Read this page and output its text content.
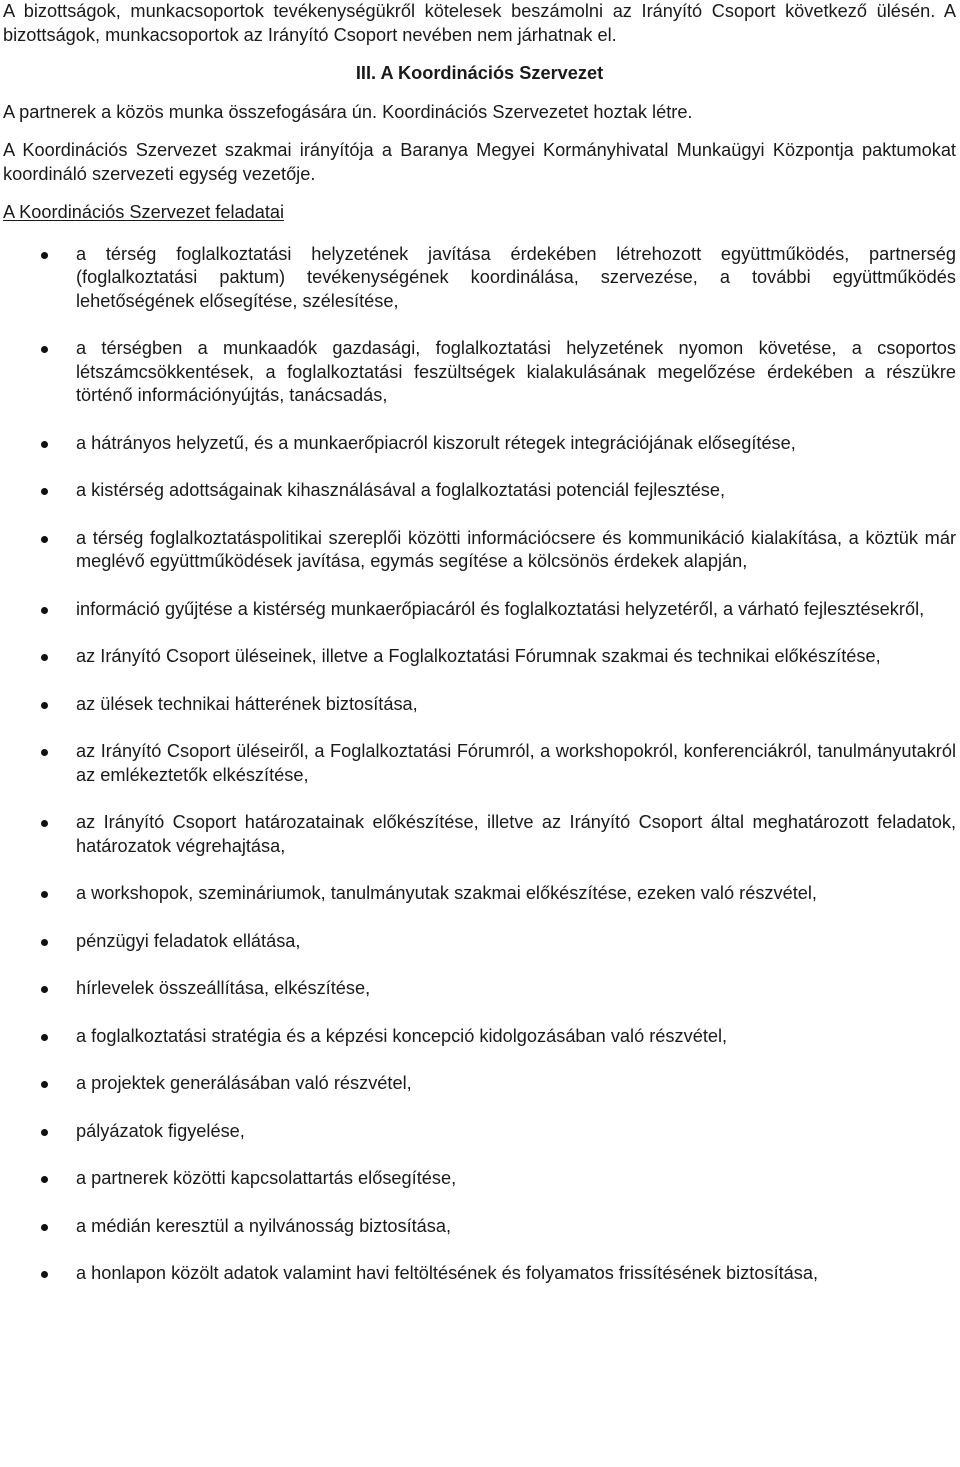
A bizottságok, munkacsoportok tevékenységükről kötelesek beszámolni az Irányító Csoport következő ülésén. A bizottságok, munkacsoportok az Irányító Csoport nevében nem járhatnak el.

III. A Koordinációs Szervezet

A partnerek a közös munka összefogására ún. Koordinációs Szervezetet hoztak létre.

A Koordinációs Szervezet szakmai irányítója a Baranya Megyei Kormányhivatal Munkaügyi Központja paktumokat koordináló szervezeti egység vezetője.

A Koordinációs Szervezet feladatai

a térség foglalkoztatási helyzetének javítása érdekében létrehozott együttműködés, partnerség (foglalkoztatási paktum) tevékenységének koordinálása, szervezése, a további együttműködés lehetőségének elősegítése, szélesítése,
a térségben a munkaadók gazdasági, foglalkoztatási helyzetének nyomon követése, a csoportos létszámcsökkentések, a foglalkoztatási feszültségek kialakulásának megelőzése érdekében a részükre történő információnyújtás, tanácsadás,
a hátrányos helyzetű, és a munkaerőpiacról kiszorult rétegek integrációjának elősegítése,
a kistérség adottságainak kihasználásával a foglalkoztatási potenciál fejlesztése,
a térség foglalkoztatáspolitikai szereplői közötti információcsere és kommunikáció kialakítása, a köztük már meglévő együttműködések javítása, egymás segítése a kölcsönös érdekek alapján,
információ gyűjtése a kistérség munkaerőpiacáról és foglalkoztatási helyzetéről, a várható fejlesztésekről,
az Irányító Csoport üléseinek, illetve a Foglalkoztatási Fórumnak szakmai és technikai előkészítése,
az ülések technikai hátterének biztosítása,
az Irányító Csoport üléseiről, a Foglalkoztatási Fórumról, a workshopokról, konferenciákról, tanulmányutakról az emlékeztetők elkészítése,
az Irányító Csoport határozatainak előkészítése, illetve az Irányító Csoport által meghatározott feladatok, határozatok végrehajtása,
a workshopok, szemináriumok, tanulmányutak szakmai előkészítése, ezeken való részvétel,
pénzügyi feladatok ellátása,
hírlevelek összeállítása, elkészítése,
a foglalkoztatási stratégia és a képzési koncepció kidolgozásában való részvétel,
a projektek generálásában való részvétel,
pályázatok figyelése,
a partnerek közötti kapcsolattartás elősegítése,
a médián keresztül a nyilvánosság biztosítása,
a honlapon közölt adatok valamint havi feltöltésének és folyamatos frissítésének biztosítása,
